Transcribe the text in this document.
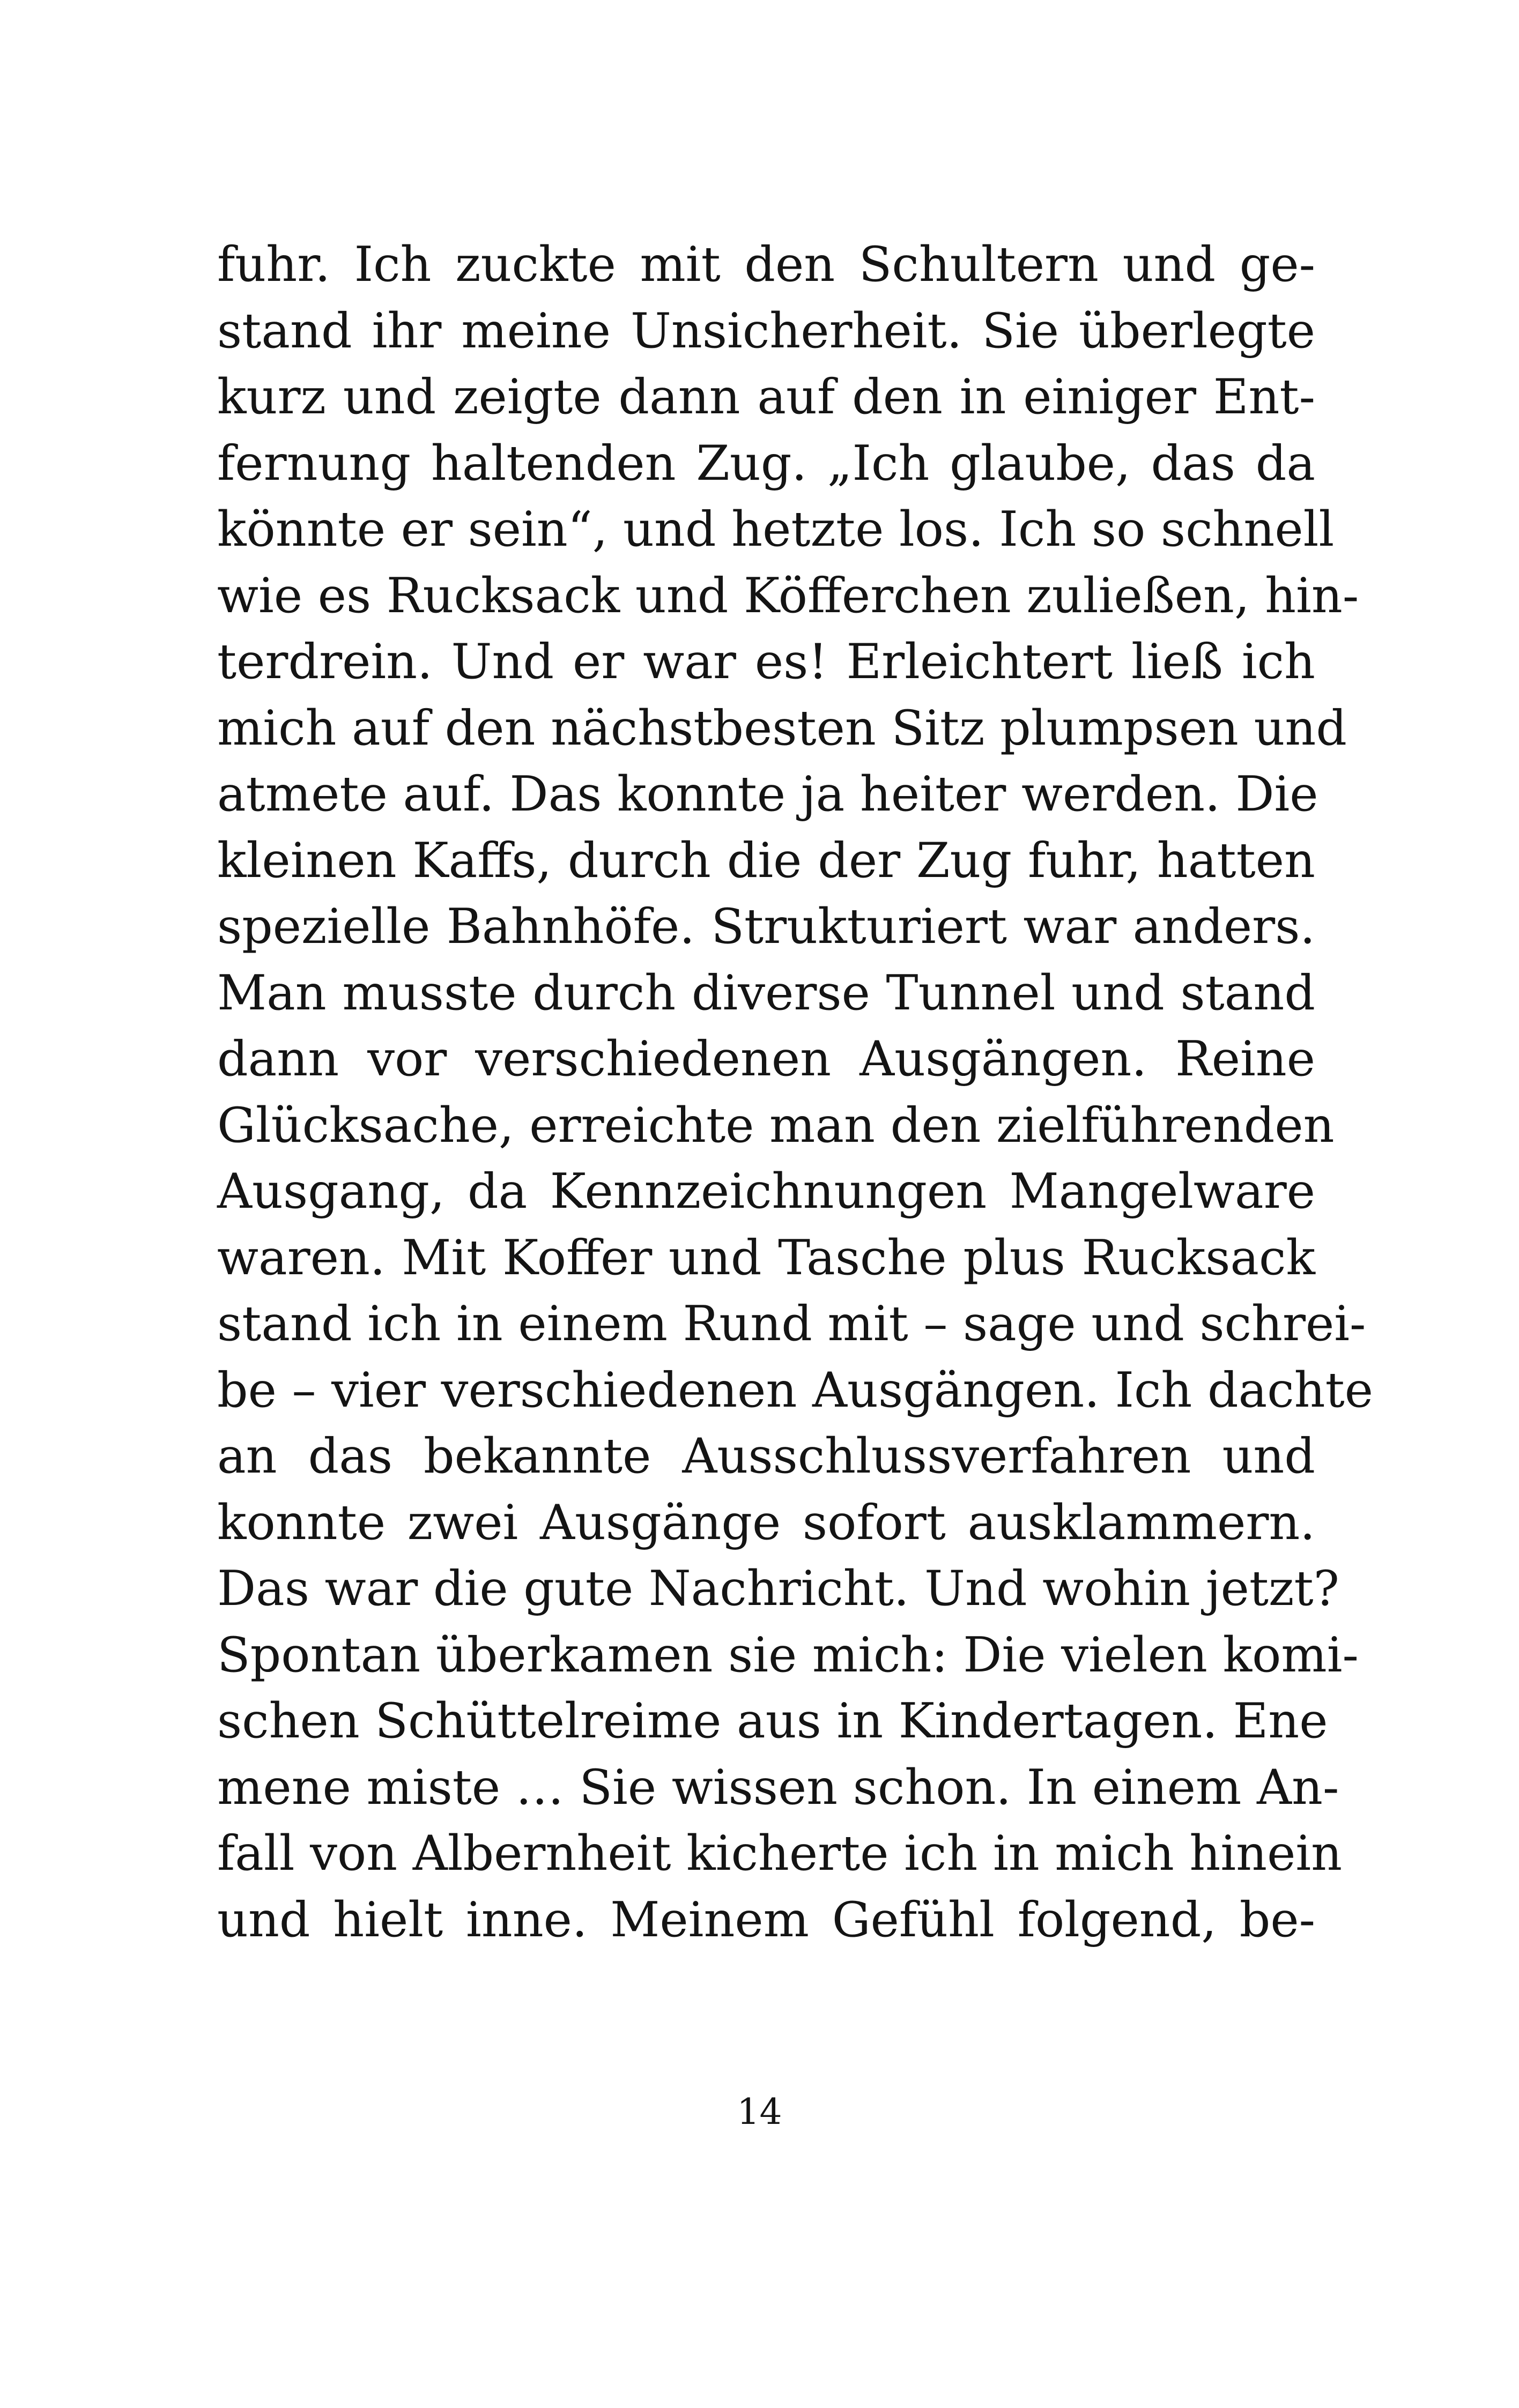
fuhr. Ich zuckte mit den Schultern und ge-
stand ihr meine Unsicherheit. Sie überlegte
kurz und zeigte dann auf den in einiger Ent-
fernung haltenden Zug. „Ich glaube, das da
könnte er sein“, und hetzte los. Ich so schnell
wie es Rucksack und Köfferchen zuließen, hin-
terdrein. Und er war es! Erleichtert ließ ich
mich auf den nächstbesten Sitz plumpsen und
atmete auf. Das konnte ja heiter werden. Die
kleinen Kaffs, durch die der Zug fuhr, hatten
spezielle Bahnhöfe. Strukturiert war anders.
Man musste durch diverse Tunnel und stand
dann vor verschiedenen Ausgängen. Reine
Glücksache, erreichte man den zielführenden
Ausgang, da Kennzeichnungen Mangelware
waren. Mit Koffer und Tasche plus Rucksack
stand ich in einem Rund mit – sage und schrei-
be – vier verschiedenen Ausgängen. Ich dachte
an das bekannte Ausschlussverfahren und
konnte zwei Ausgänge sofort ausklammern.
Das war die gute Nachricht. Und wohin jetzt?
Spontan überkamen sie mich: Die vielen komi-
schen Schüttelreime aus in Kindertagen. Ene
mene miste … Sie wissen schon. In einem An-
fall von Albernheit kicherte ich in mich hinein
und hielt inne. Meinem Gefühl folgend, be-
14
